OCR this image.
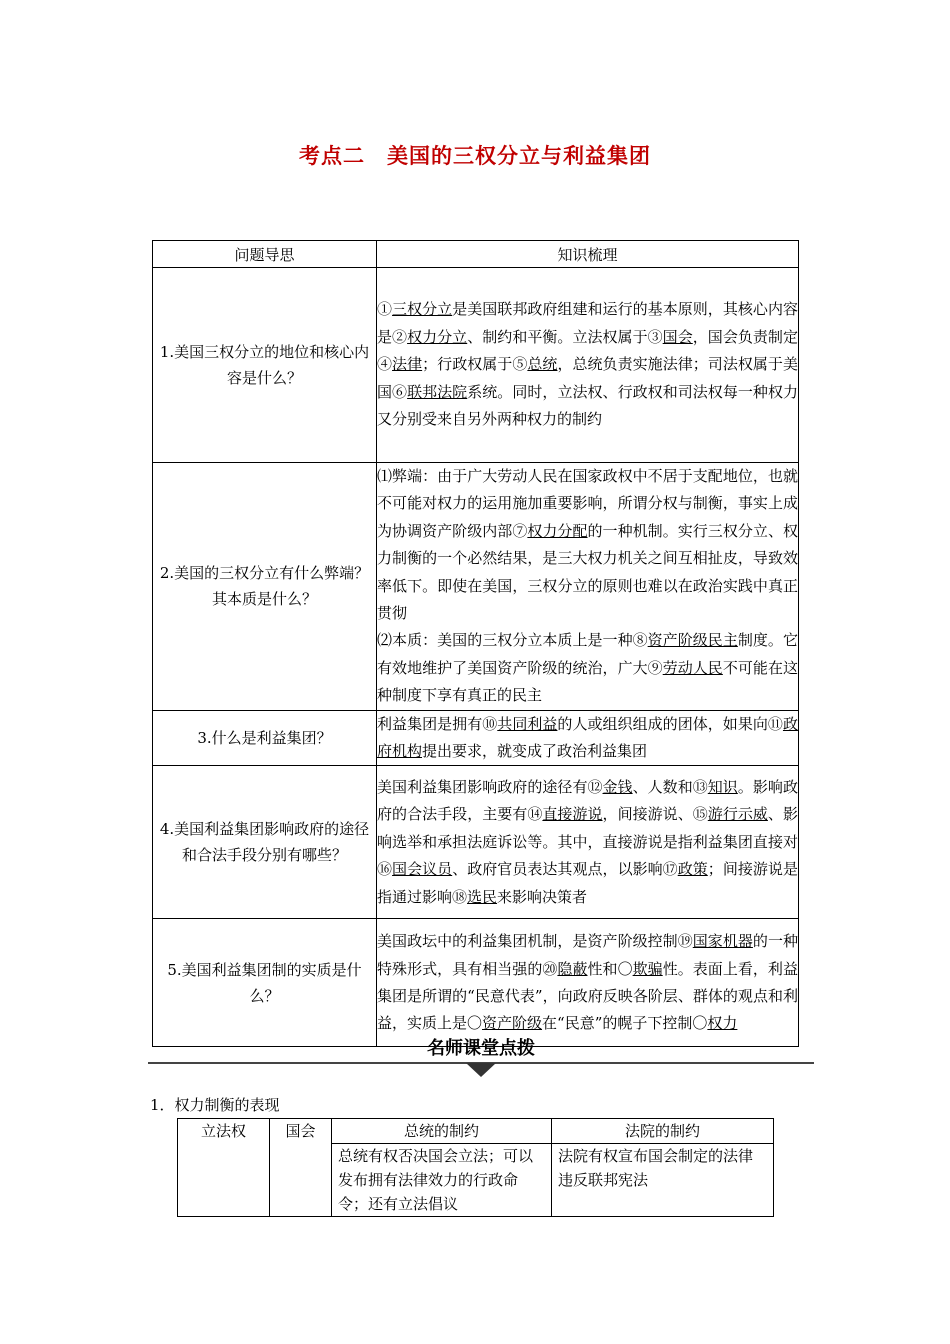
考点二　美国的三权分立与利益集团
问题导思	知识梳理
1.美国三权分立的地位和核心内容是什么？	①三权分立是美国联邦政府组建和运行的基本原则，其核心内容是②权力分立、制约和平衡。立法权属于③国会，国会负责制定④法律；行政权属于⑤总统，总统负责实施法律；司法权属于美国⑥联邦法院系统。同时，立法权、行政权和司法权每一种权力又分别受来自另外两种权力的制约
2.美国的三权分立有什么弊端？其本质是什么？	⑴弊端：由于广大劳动人民在国家政权中不居于支配地位，也就不可能对权力的运用施加重要影响，所谓分权与制衡，事实上成为协调资产阶级内部⑦权力分配的一种机制。实行三权分立、权力制衡的一个必然结果，是三大权力机关之间互相扯皮，导致效率低下。即使在美国，三权分立的原则也难以在政治实践中真正贯彻
⑵本质：美国的三权分立本质上是一种⑧资产阶级民主制度。它有效地维护了美国资产阶级的统治，广大⑨劳动人民不可能在这种制度下享有真正的民主
3.什么是利益集团？	利益集团是拥有⑩共同利益的人或组织组成的团体，如果向⑪政府机构提出要求，就变成了政治利益集团
4.美国利益集团影响政府的途径和合法手段分别有哪些？	美国利益集团影响政府的途径有⑫金钱、人数和⑬知识。影响政府的合法手段，主要有⑭直接游说，间接游说、⑮游行示威、影响选举和承担法庭诉讼等。其中，直接游说是指利益集团直接对⑯国会议员、政府官员表达其观点，以影响⑰政策；间接游说是指通过影响⑱选民来影响决策者
5.美国利益集团制的实质是什么？	美国政坛中的利益集团机制，是资产阶级控制⑲国家机器的一种特殊形式，具有相当强的⑳隐蔽性和〇欺骗性。表面上看，利益集团是所谓的“民意代表”，向政府反映各阶层、群体的观点和利益，实质上是〇资产阶级在“民意”的幌子下控制〇权力
名师课堂点拨
1．权力制衡的表现
立法权	国会	总统的制约	法院的制约
		总统有权否决国会立法；可以发布拥有法律效力的行政命令；还有立法倡议	法院有权宣布国会制定的法律违反联邦宪法
